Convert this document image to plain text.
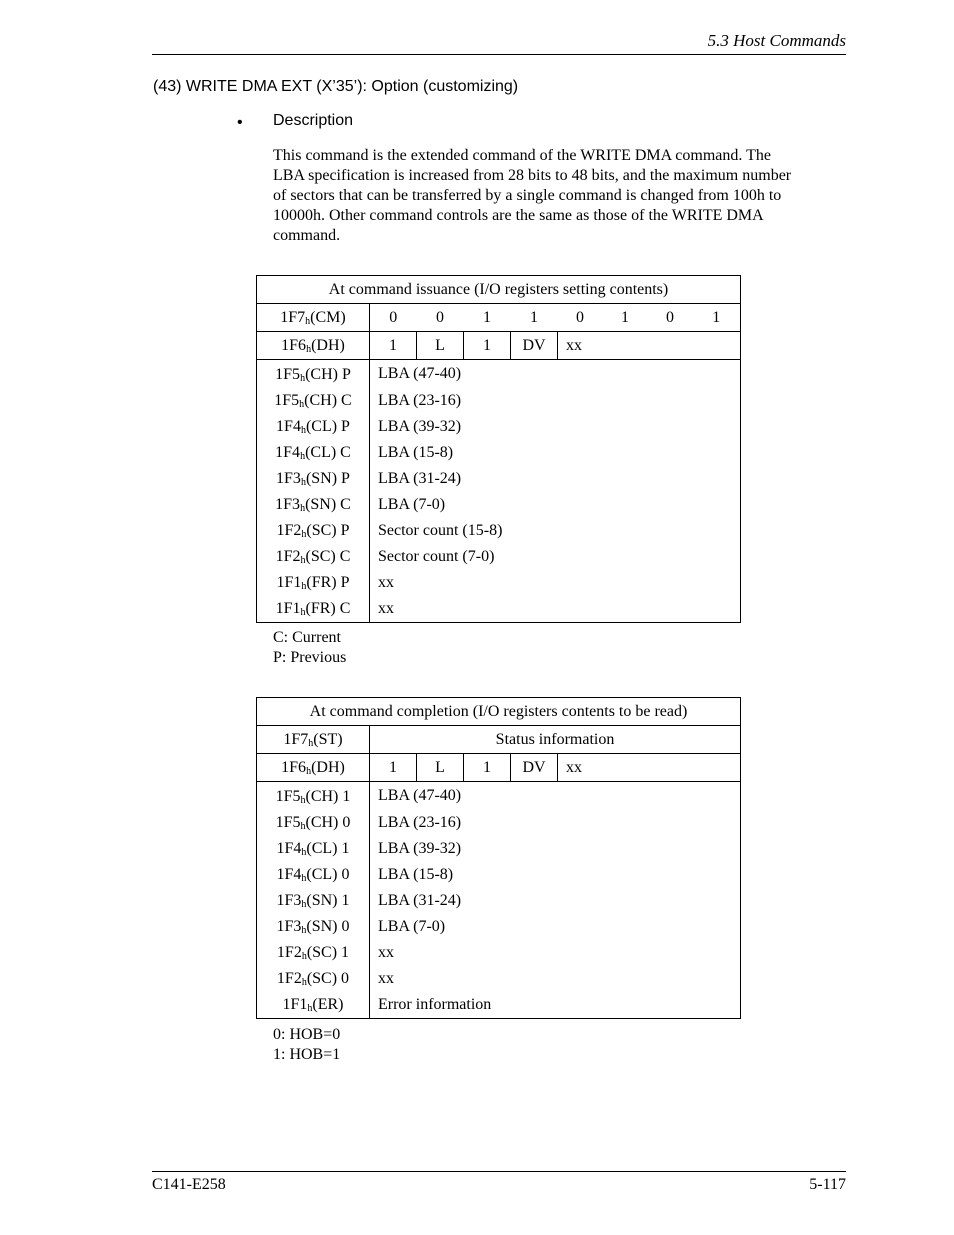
5.3 Host Commands
(43) WRITE DMA EXT (X’35’): Option (customizing)
• Description
This command is the extended command of the WRITE DMA command. The
LBA specification is increased from 28 bits to 48 bits, and the maximum number
of sectors that can be transferred by a single command is changed from 100h to
10000h. Other command controls are the same as those of the WRITE DMA
command.
At command issuance (I/O registers setting contents)								
$1F7_h(CM)$	0	0	1	1	0	1	0	1
$1F6_h(DH)$	1	L	1	DV	xx			
$1F5_h(CH)$ P	LBA (47-40)							
$1F5_h(CH)$ C	LBA (23-16)							
$1F4_h(CL)$ P	LBA (39-32)							
$1F4_h(CL)$ C	LBA (15-8)							
$1F3_h(SN)$ P	LBA (31-24)							
$1F3_h(SN)$ C	LBA (7-0)							
$1F2_h(SC)$ P	Sector count (15-8)							
$1F2_h(SC)$ C	Sector count (7-0)							
$1F1_h(FR)$ P	xx							
$1F1_h(FR)$ C	xx							
C: Current
P: Previous
At command completion (I/O registers contents to be read)					
$1F7_h(ST)$	Status information				
$1F6_h(DH)$	1	L	1	DV	xx
$1F5_h(CH)$ 1	LBA (47-40)				
$1F5_h(CH)$ 0	LBA (23-16)				
$1F4_h(CL)$ 1	LBA (39-32)				
$1F4_h(CL)$ 0	LBA (15-8)				
$1F3_h(SN)$ 1	LBA (31-24)				
$1F3_h(SN)$ 0	LBA (7-0)				
$1F2_h(SC)$ 1	xx				
$1F2_h(SC)$ 0	xx				
$1F1_h(ER)$	Error information				
0: HOB=0
1: HOB=1
C141-E258	5-117
